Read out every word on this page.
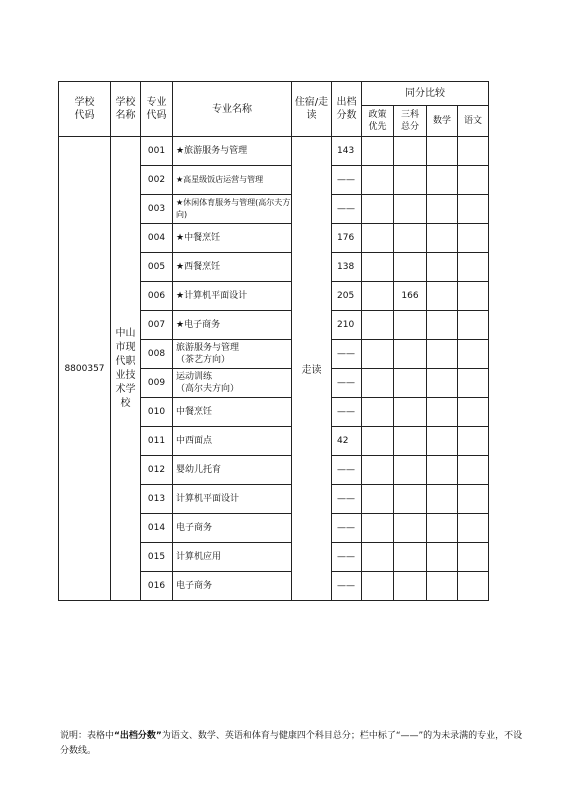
学校代码	学校名称	专业代码	专业名称	住宿/走读	出档分数	同分比较			
						政策优先	三科总分	数学	语文
8800357	中山市现代职业技术学校	001	★旅游服务与管理	走读	143				
		002	★高星级饭店运营与管理		——				
		003	★休闲体育服务与管理(高尔夫方向)		——				
		004	★中餐烹饪		176				
		005	★西餐烹饪		138				
		006	★计算机平面设计		205		166		
		007	★电子商务		210				
		008	旅游服务与管理
（茶艺方向）		——				
		009	运动训练
（高尔夫方向）		——				
		010	中餐烹饪		——				
		011	中西面点		42				
		012	婴幼儿托育		——				
		013	计算机平面设计		——				
		014	电子商务		——				
		015	计算机应用		——				
		016	电子商务		——				
说明：表格中“出档分数”为语文、数学、英语和体育与健康四个科目总分；栏中标了“——”的为未录满的专业，不设分数线。
